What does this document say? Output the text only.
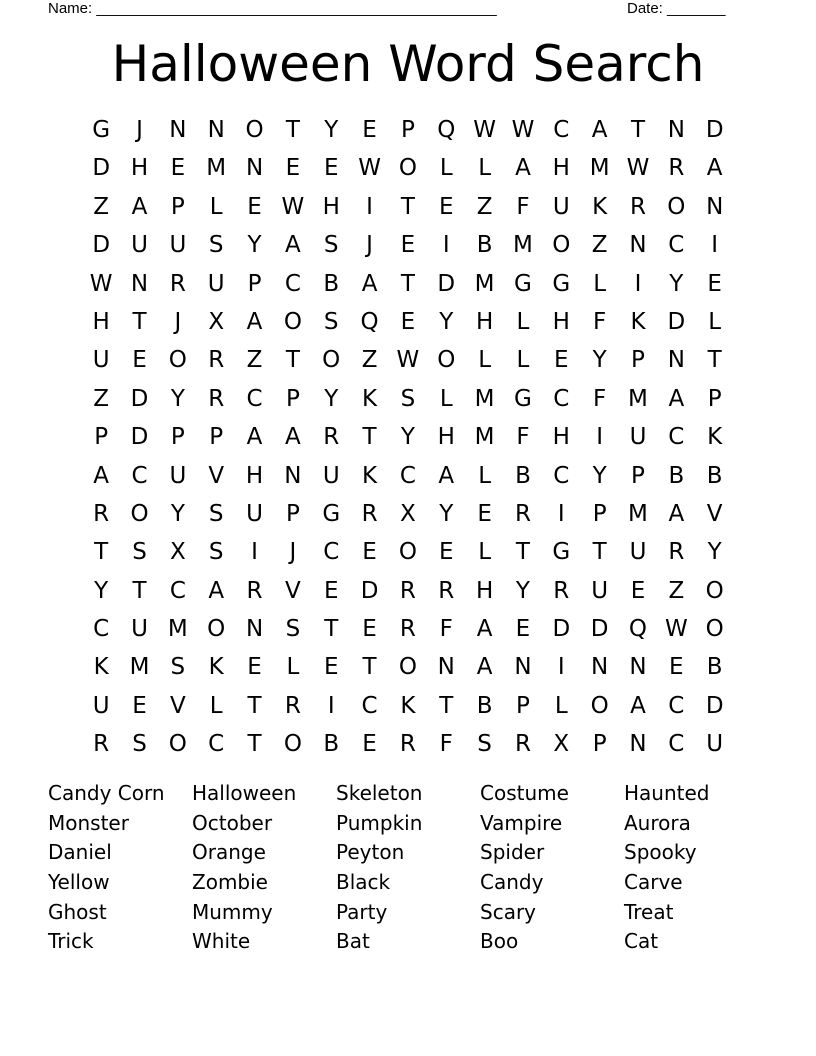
Name: ________________________________________________	Date: _______
Halloween Word Search
G	J	N N O T	Y	E	P Q W W C A	T N D
D H E M N E	E W O L	L	A H M W R A
Z A	P	L	E W H	I	T	E	Z	F	U K R O N
D U U S	Y	A	S	J	E	I	B M O Z N C	I
W N R U P	C B A	T D M G G	L	I	Y	E
H T	J	X A O S Q E	Y H	L	H	F	K D	L
U E O R Z	T O Z W O L	L	E	Y	P N T
Z D Y	R C	P	Y	K	S	L M G C	F M A	P
P D P	P	A A R	T	Y H M F	H	I	U C K
A C U V H N U K C A	L	B C	Y	P	B B
R O Y	S U P G R X	Y	E	R	I	P M A V
T	S	X	S	I	J	C	E O E	L	T G T U R	Y
Y	T	C A R V	E D R R H Y	R U E	Z O
C U M O N S	T	E	R	F	A	E D D Q W O
K M S	K	E	L	E	T O N A N	I	N N E	B
U E	V	L	T	R	I	C K	T	B	P	L O A C D
R	S O C	T O B	E	R	F	S	R X	P N C U
Candy Corn	Halloween	Skeleton	Costume	Haunted
Monster	October	Pumpkin	Vampire	Aurora
Daniel	Orange	Peyton	Spider	Spooky
Yellow	Zombie	Black	Candy	Carve
Ghost	Mummy	Party	Scary	Treat
Trick	White	Bat	Boo	Cat
